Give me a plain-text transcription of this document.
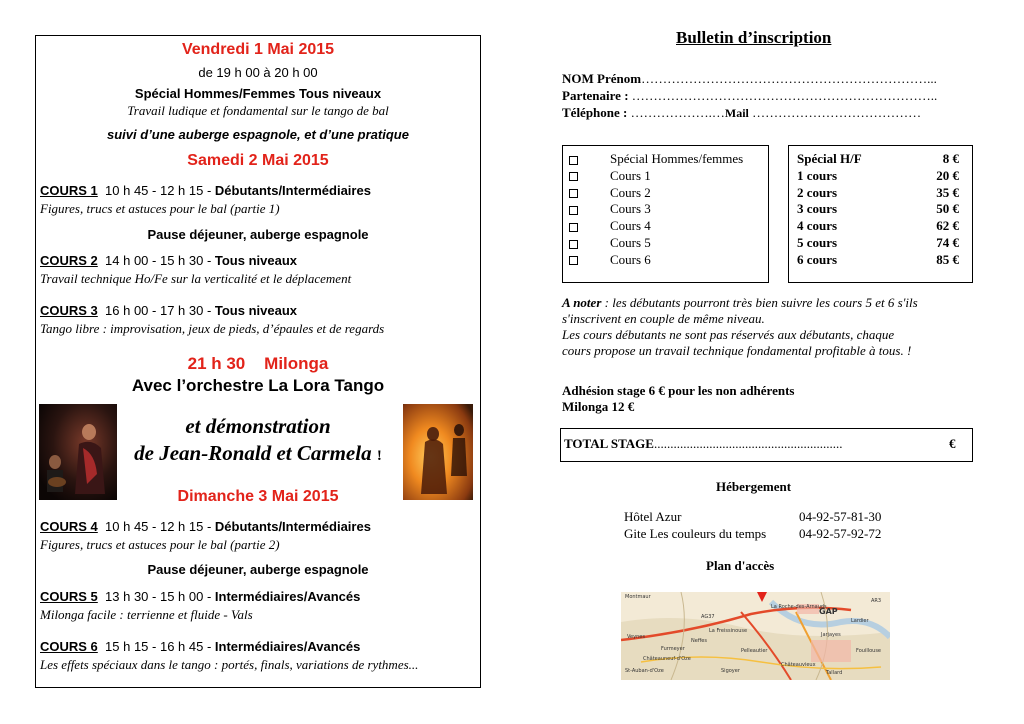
Vendredi 1 Mai 2015
de 19 h 00 à 20 h 00
Spécial Hommes/Femmes Tous niveaux
Travail ludique et fondamental sur le tango de bal
suivi d’une auberge espagnole, et d’une pratique
Samedi 2 Mai 2015
COURS 1 10 h 45 - 12 h 15 - Débutants/Intermédiaires
Figures, trucs et astuces pour le bal (partie 1)
Pause déjeuner, auberge espagnole
COURS 2 14 h 00 - 15 h 30 - Tous niveaux
Travail technique Ho/Fe sur la verticalité et le déplacement
COURS 3 16 h 00 - 17 h 30 - Tous niveaux
Tango libre : improvisation, jeux de pieds, d’épaules et de regards
21 h 30 Milonga
Avec l’orchestre La Lora Tango
et démonstration
de Jean-Ronald et Carmela !
Dimanche 3 Mai 2015
COURS 4 10 h 45 - 12 h 15 - Débutants/Intermédiaires
Figures, trucs et astuces pour le bal (partie 2)
Pause déjeuner, auberge espagnole
COURS 5 13 h 30 - 15 h 00 - Intermédiaires/Avancés
Milonga facile : terrienne et fluide - Vals
COURS 6 15 h 15 - 16 h 45 - Intermédiaires/Avancés
Les effets spéciaux dans le tango : portés, finals, variations de rythmes...
Bulletin d’inscription
NOM Prénom…………………………………………………………...
Partenaire : ……………………………………………………………..
Téléphone : ……………….…Mail …………………………………
Spécial Hommes/femmes
Cours 1
Cours 2
Cours 3
Cours 4
Cours 5
Cours 6
Spécial H/F	8 €
1 cours	20 €
2 cours	35 €
3 cours	50 €
4 cours	62 €
5 cours	74 €
6 cours	85 €
A noter : les débutants pourront très bien suivre les cours 5 et 6 s'ils
s'inscrivent en couple de même niveau.
Les cours débutants ne sont pas réservés aux débutants, chaque
cours propose un travail technique fondamental profitable à tous. !
Adhésion stage 6 € pour les non adhérents
Milonga 12 €
TOTAL STAGE..........................................................	€
Hébergement
Hôtel Azur	04-92-57-81-30
Gite Les couleurs du temps	04-92-57-92-72
Plan d'accès
Montmaur
La Roche-des-Arnauds
GAP
AG37
La Freissinouse
Veynes
Furmeyer
Châteauneuf-d'Oze
Pelleautier
Jarjayes
Châteauvieux
Tallard
Sigoyer
St-Auban-d'Oze
Neffes
Lardier
Fouillouse
AR3
